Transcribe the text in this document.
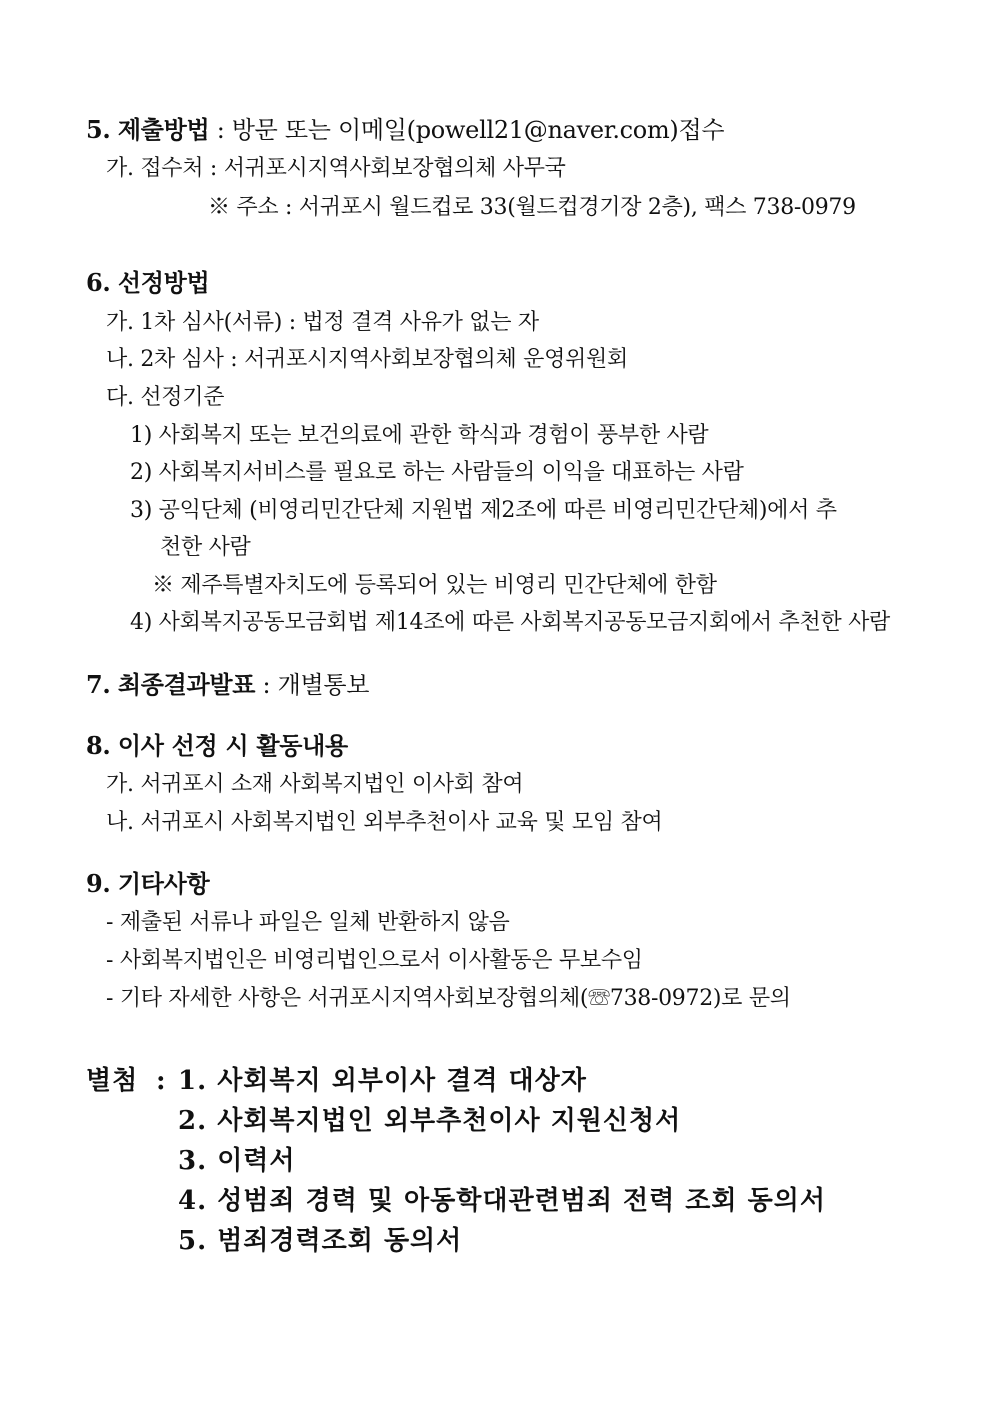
5. 제출방법 : 방문 또는 이메일(powell21@naver.com)접수
가. 접수처 : 서귀포시지역사회보장협의체 사무국
※ 주소 : 서귀포시 월드컵로 33(월드컵경기장 2층), 팩스 738-0979
6. 선정방법
가. 1차 심사(서류) : 법정 결격 사유가 없는 자
나. 2차 심사 : 서귀포시지역사회보장협의체 운영위원회
다. 선정기준
1) 사회복지 또는 보건의료에 관한 학식과 경험이 풍부한 사람
2) 사회복지서비스를 필요로 하는 사람들의 이익을 대표하는 사람
3) 공익단체 (비영리민간단체 지원법 제2조에 따른 비영리민간단체)에서 추
천한 사람
※ 제주특별자치도에 등록되어 있는 비영리 민간단체에 한함
4) 사회복지공동모금회법 제14조에 따른 사회복지공동모금지회에서 추천한 사람
7. 최종결과발표 : 개별통보
8. 이사 선정 시 활동내용
가. 서귀포시 소재 사회복지법인 이사회 참여
나. 서귀포시 사회복지법인 외부추천이사 교육 및 모임 참여
9. 기타사항
- 제출된 서류나 파일은 일체 반환하지 않음
- 사회복지법인은 비영리법인으로서 이사활동은 무보수임
- 기타 자세한 사항은 서귀포시지역사회보장협의체(☏738-0972)로 문의
별첨 : 1. 사회복지 외부이사 결격 대상자
2. 사회복지법인 외부추천이사 지원신청서
3. 이력서
4. 성범죄 경력 및 아동학대관련범죄 전력 조회 동의서
5. 범죄경력조회 동의서
